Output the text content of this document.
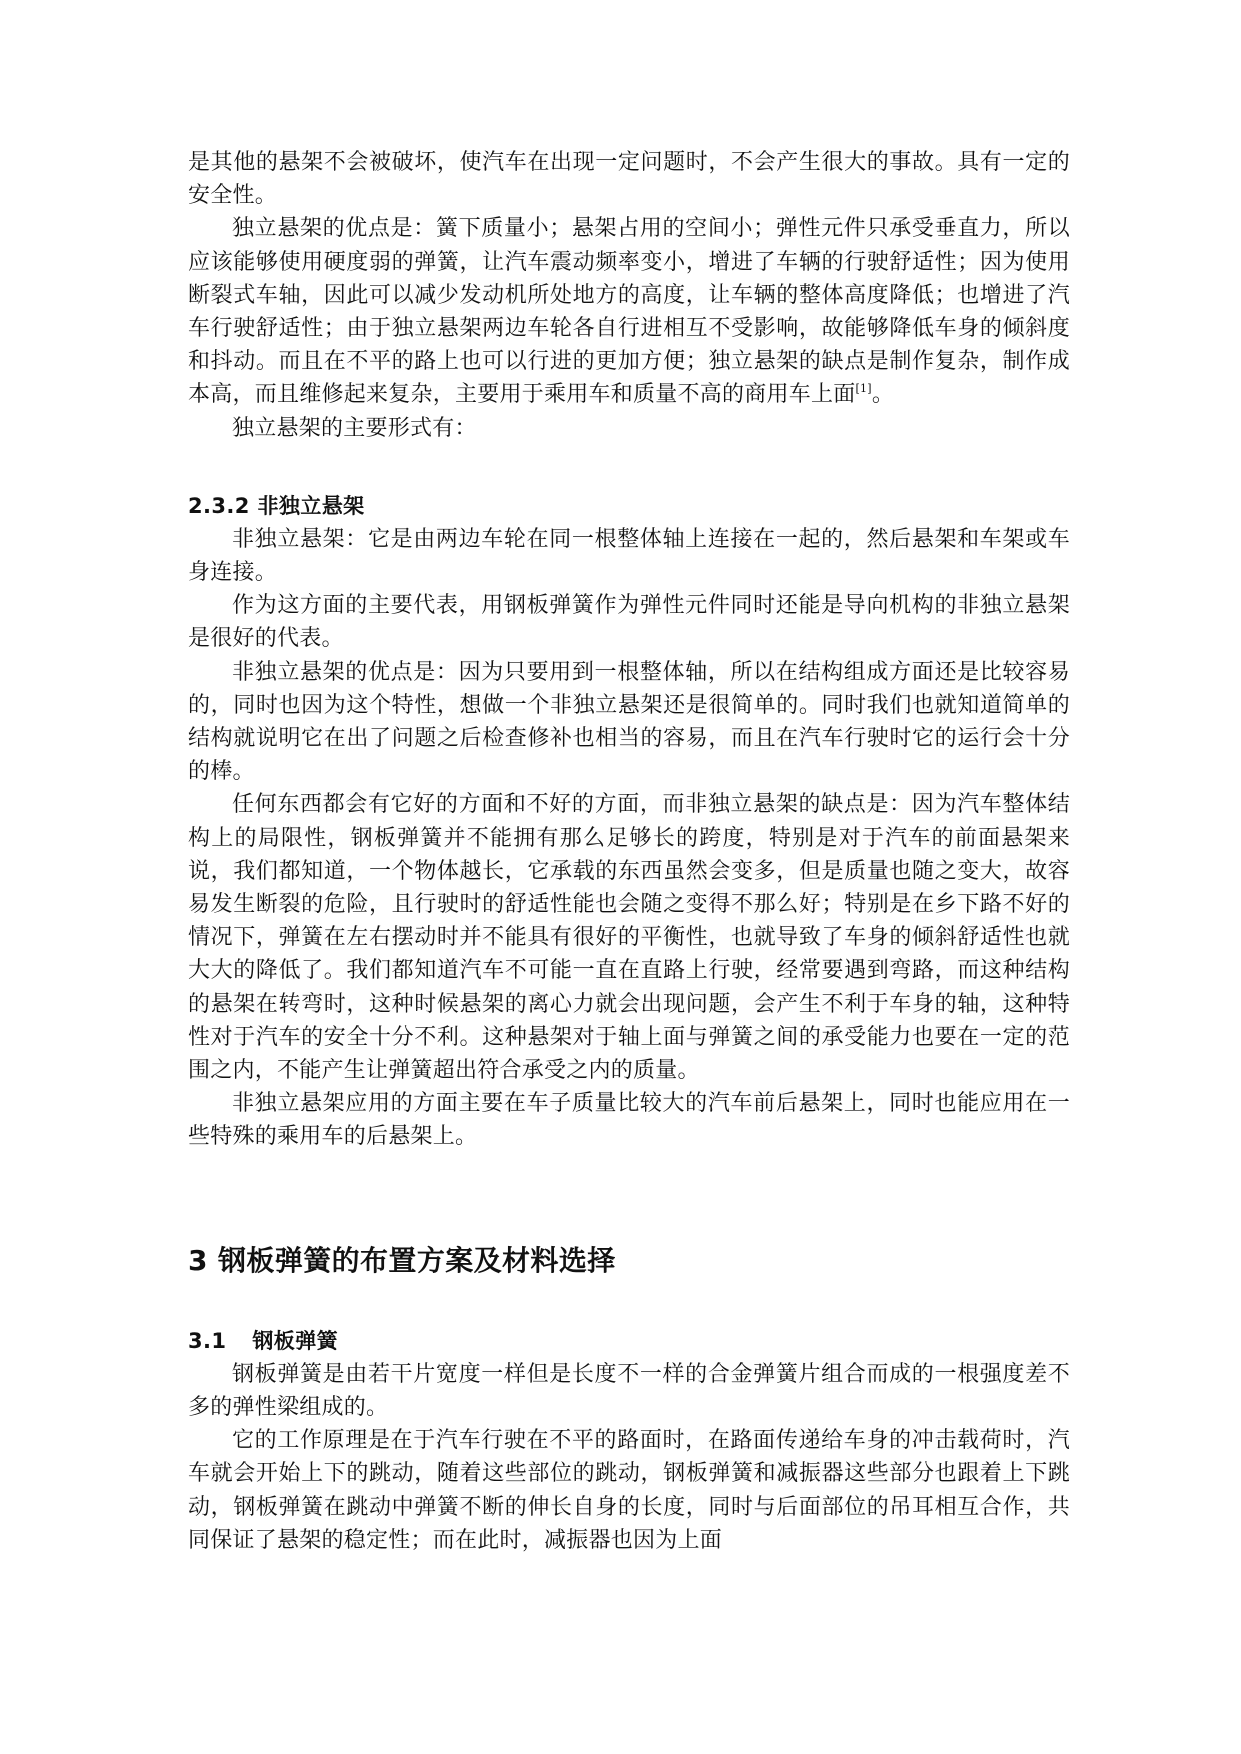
是其他的悬架不会被破坏，使汽车在出现一定问题时，不会产生很大的事故。具有一定的安全性。

独立悬架的优点是：簧下质量小；悬架占用的空间小；弹性元件只承受垂直力，所以应该能够使用硬度弱的弹簧，让汽车震动频率变小，增进了车辆的行驶舒适性；因为使用断裂式车轴，因此可以减少发动机所处地方的高度，让车辆的整体高度降低；也增进了汽车行驶舒适性；由于独立悬架两边车轮各自行进相互不受影响，故能够降低车身的倾斜度和抖动。而且在不平的路上也可以行进的更加方便；独立悬架的缺点是制作复杂，制作成本高，而且维修起来复杂，主要用于乘用车和质量不高的商用车上面[1]。

独立悬架的主要形式有：

2.3.2 非独立悬架

非独立悬架：它是由两边车轮在同一根整体轴上连接在一起的，然后悬架和车架或车身连接。

作为这方面的主要代表，用钢板弹簧作为弹性元件同时还能是导向机构的非独立悬架是很好的代表。

非独立悬架的优点是：因为只要用到一根整体轴，所以在结构组成方面还是比较容易的，同时也因为这个特性，想做一个非独立悬架还是很简单的。同时我们也就知道简单的结构就说明它在出了问题之后检查修补也相当的容易，而且在汽车行驶时它的运行会十分的棒。

任何东西都会有它好的方面和不好的方面，而非独立悬架的缺点是：因为汽车整体结构上的局限性，钢板弹簧并不能拥有那么足够长的跨度，特别是对于汽车的前面悬架来说，我们都知道，一个物体越长，它承载的东西虽然会变多，但是质量也随之变大，故容易发生断裂的危险，且行驶时的舒适性能也会随之变得不那么好；特别是在乡下路不好的情况下，弹簧在左右摆动时并不能具有很好的平衡性，也就导致了车身的倾斜舒适性也就大大的降低了。我们都知道汽车不可能一直在直路上行驶，经常要遇到弯路，而这种结构的悬架在转弯时，这种时候悬架的离心力就会出现问题，会产生不利于车身的轴，这种特性对于汽车的安全十分不利。这种悬架对于轴上面与弹簧之间的承受能力也要在一定的范围之内，不能产生让弹簧超出符合承受之内的质量。

非独立悬架应用的方面主要在车子质量比较大的汽车前后悬架上，同时也能应用在一些特殊的乘用车的后悬架上。

3 钢板弹簧的布置方案及材料选择
3.1 钢板弹簧

钢板弹簧是由若干片宽度一样但是长度不一样的合金弹簧片组合而成的一根强度差不多的弹性梁组成的。

它的工作原理是在于汽车行驶在不平的路面时，在路面传递给车身的冲击载荷时，汽车就会开始上下的跳动，随着这些部位的跳动，钢板弹簧和减振器这些部分也跟着上下跳动，钢板弹簧在跳动中弹簧不断的伸长自身的长度，同时与后面部位的吊耳相互合作，共同保证了悬架的稳定性；而在此时，减振器也因为上面
